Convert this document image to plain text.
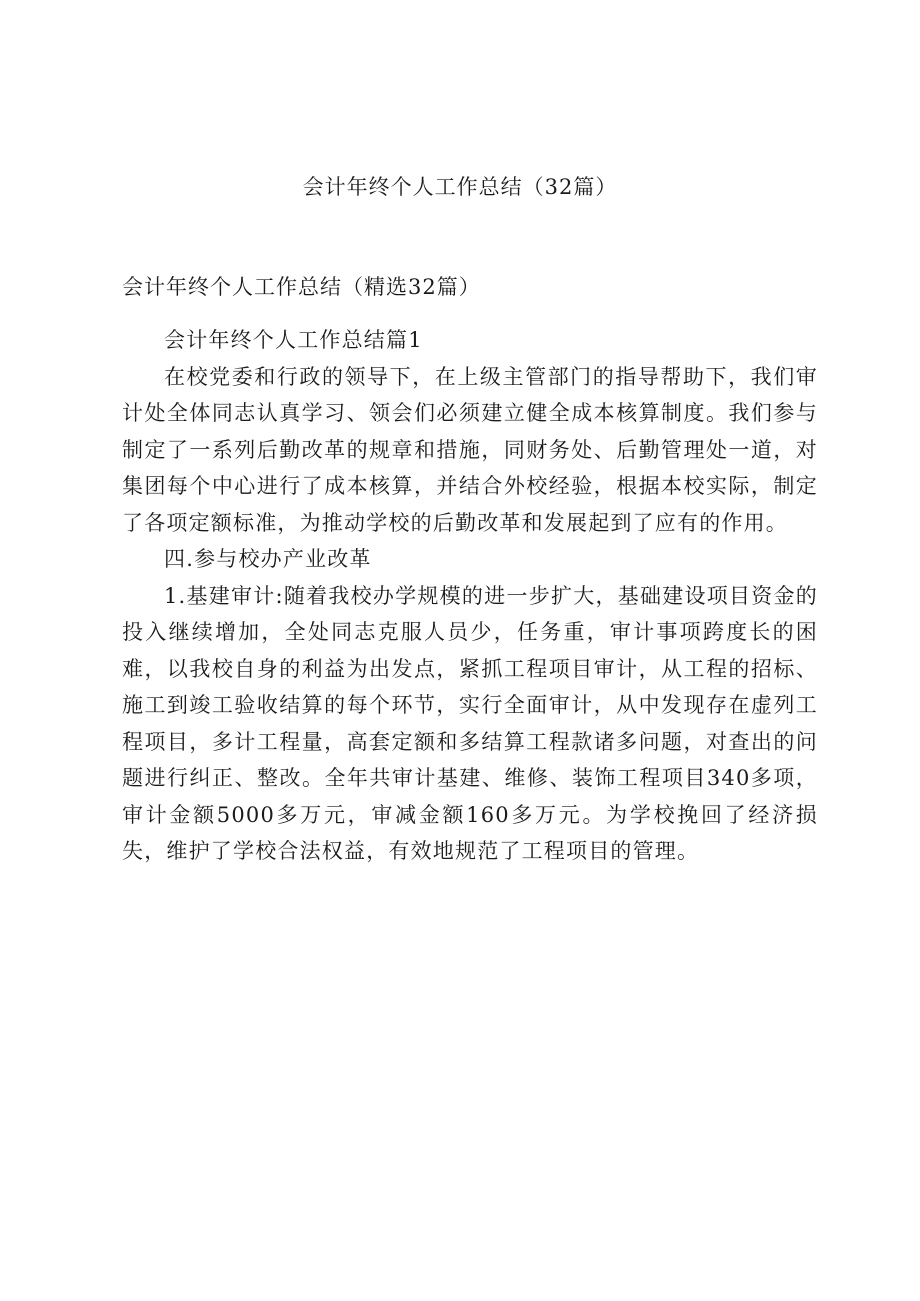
会计年终个人工作总结（32篇）
会计年终个人工作总结（精选32篇）

会计年终个人工作总结篇1

在校党委和行政的领导下，在上级主管部门的指导帮助下，我们审计处全体同志认真学习、领会们必须建立健全成本核算制度。我们参与制定了一系列后勤改革的规章和措施，同财务处、后勤管理处一道，对集团每个中心进行了成本核算，并结合外校经验，根据本校实际，制定了各项定额标准，为推动学校的后勤改革和发展起到了应有的作用。

四.参与校办产业改革

1.基建审计:随着我校办学规模的进一步扩大，基础建设项目资金的投入继续增加，全处同志克服人员少，任务重，审计事项跨度长的困难，以我校自身的利益为出发点，紧抓工程项目审计，从工程的招标、施工到竣工验收结算的每个环节，实行全面审计，从中发现存在虚列工程项目，多计工程量，高套定额和多结算工程款诸多问题，对查出的问题进行纠正、整改。全年共审计基建、维修、装饰工程项目340多项，审计金额5000多万元，审减金额160多万元。为学校挽回了经济损失，维护了学校合法权益，有效地规范了工程项目的管理。
